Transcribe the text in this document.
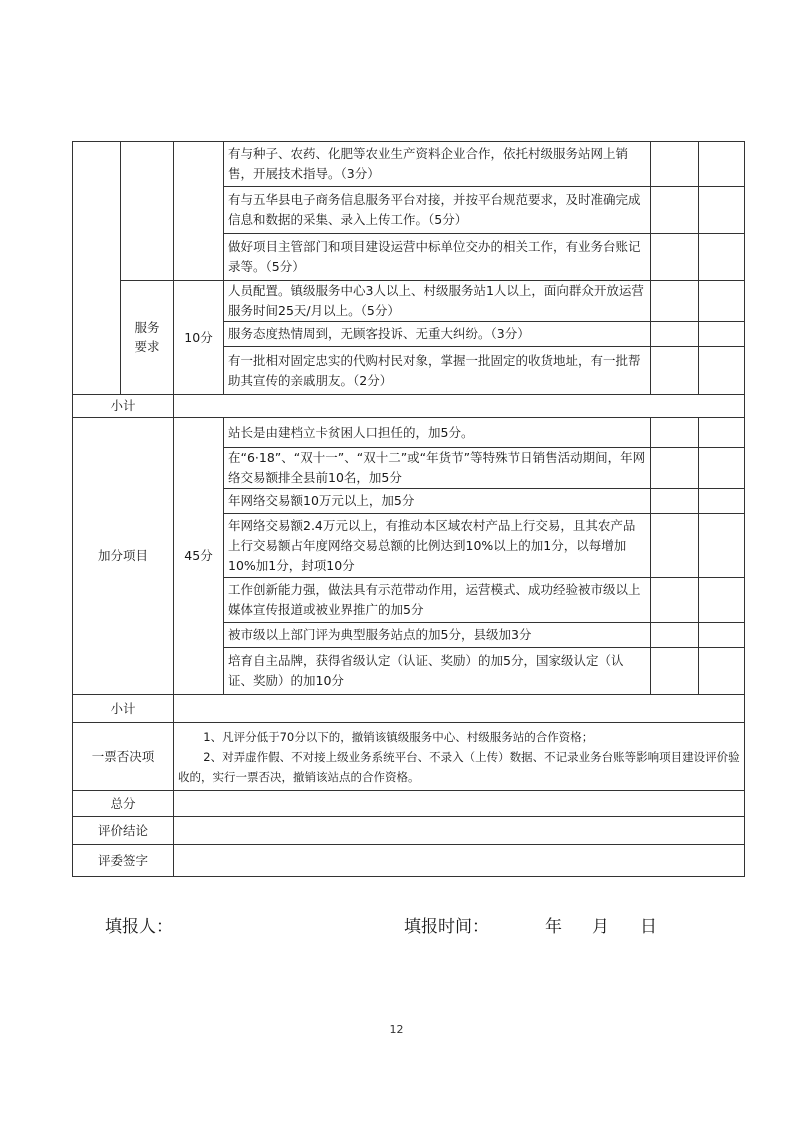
			有与种子、农药、化肥等农业生产资料企业合作，依托村级服务站网上销售，开展技术指导。（3分）		
			有与五华县电子商务信息服务平台对接，并按平台规范要求，及时准确完成信息和数据的采集、录入上传工作。（5分）		
			做好项目主管部门和项目建设运营中标单位交办的相关工作，有业务台账记录等。（5分）		
	服务要求	10分	人员配置。镇级服务中心3人以上、村级服务站1人以上，面向群众开放运营服务时间25天/月以上。（5分）		
			服务态度热情周到，无顾客投诉、无重大纠纷。（3分）		
			有一批相对固定忠实的代购村民对象，掌握一批固定的收货地址，有一批帮助其宣传的亲戚朋友。（2分）		
小计					
加分项目		45分	站长是由建档立卡贫困人口担任的，加5分。		
			在“6·18”、“双十一”、“双十二”或“年货节”等特殊节日销售活动期间，年网络交易额排全县前10名，加5分		
			年网络交易额10万元以上，加5分		
			年网络交易额2.4万元以上，有推动本区域农村产品上行交易，且其农产品上行交易额占年度网络交易总额的比例达到10%以上的加1分，以每增加10%加1分，封项10分		
			工作创新能力强，做法具有示范带动作用，运营模式、成功经验被市级以上媒体宣传报道或被业界推广的加5分		
			被市级以上部门评为典型服务站点的加5分，县级加3分		
			培育自主品牌，获得省级认定（认证、奖励）的加5分，国家级认定（认证、奖励）的加10分		
小计					
一票否决项		1、凡评分低于70分以下的，撤销该镇级服务中心、村级服务站的合作资格；
2、对弄虚作假、不对接上级业务系统平台、不录入（上传）数据、不记录业务台账等影响项目建设评价验收的，实行一票否决，撤销该站点的合作资格。			

总分					
评价结论					
评委签字					
填报人：	填报时间：	年 月 日
12
